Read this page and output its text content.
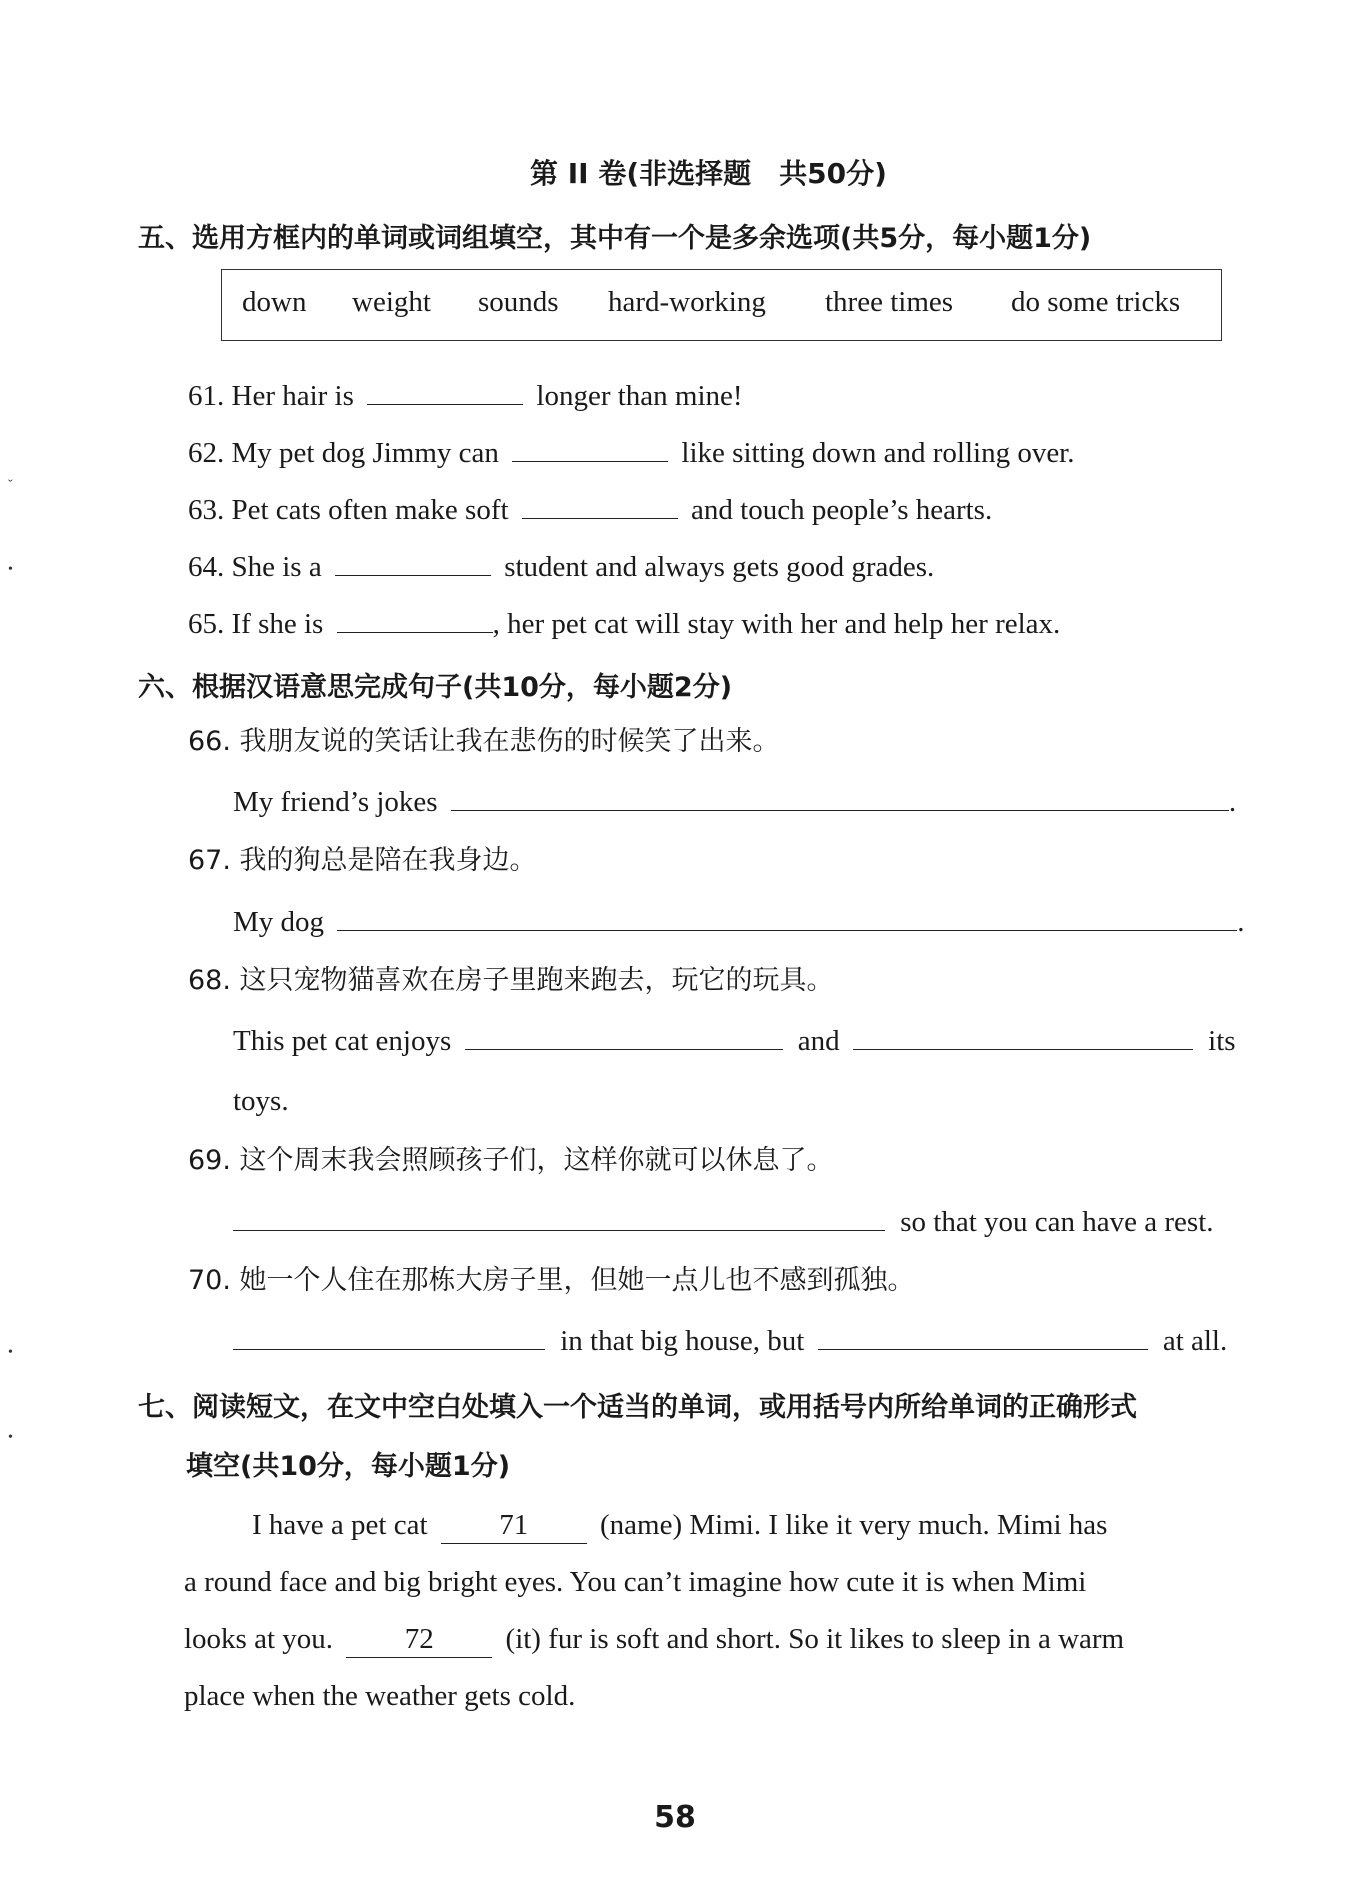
ˇ
•
•
•
第 II 卷(非选择题　共50分)
五、选用方框内的单词或词组填空，其中有一个是多余选项(共5分，每小题1分)
down weight sounds hard-working three times do some tricks
61. Her hair is	longer than mine!
62. My pet dog Jimmy can	like sitting down and rolling over.
63. Pet cats often make soft	and touch people’s hearts.
64. She is a	student and always gets good grades.
65. If she is	, her pet cat will stay with her and help her relax.
六、根据汉语意思完成句子(共10分，每小题2分)
66. 我朋友说的笑话让我在悲伤的时候笑了出来。
My friend’s jokes	.
67. 我的狗总是陪在我身边。
My dog	.
68. 这只宠物猫喜欢在房子里跑来跑去，玩它的玩具。
This pet cat enjoys	and	its
toys.
69. 这个周末我会照顾孩子们，这样你就可以休息了。
so that you can have a rest.
70. 她一个人住在那栋大房子里，但她一点儿也不感到孤独。
in that big house, but	at all.
七、阅读短文，在文中空白处填入一个适当的单词，或用括号内所给单词的正确形式
填空(共10分，每小题1分)
I have a pet cat 71 (name) Mimi. I like it very much. Mimi has
a round face and big bright eyes. You can’t imagine how cute it is when Mimi
looks at you. 72 (it) fur is soft and short. So it likes to sleep in a warm
place when the weather gets cold.
58
